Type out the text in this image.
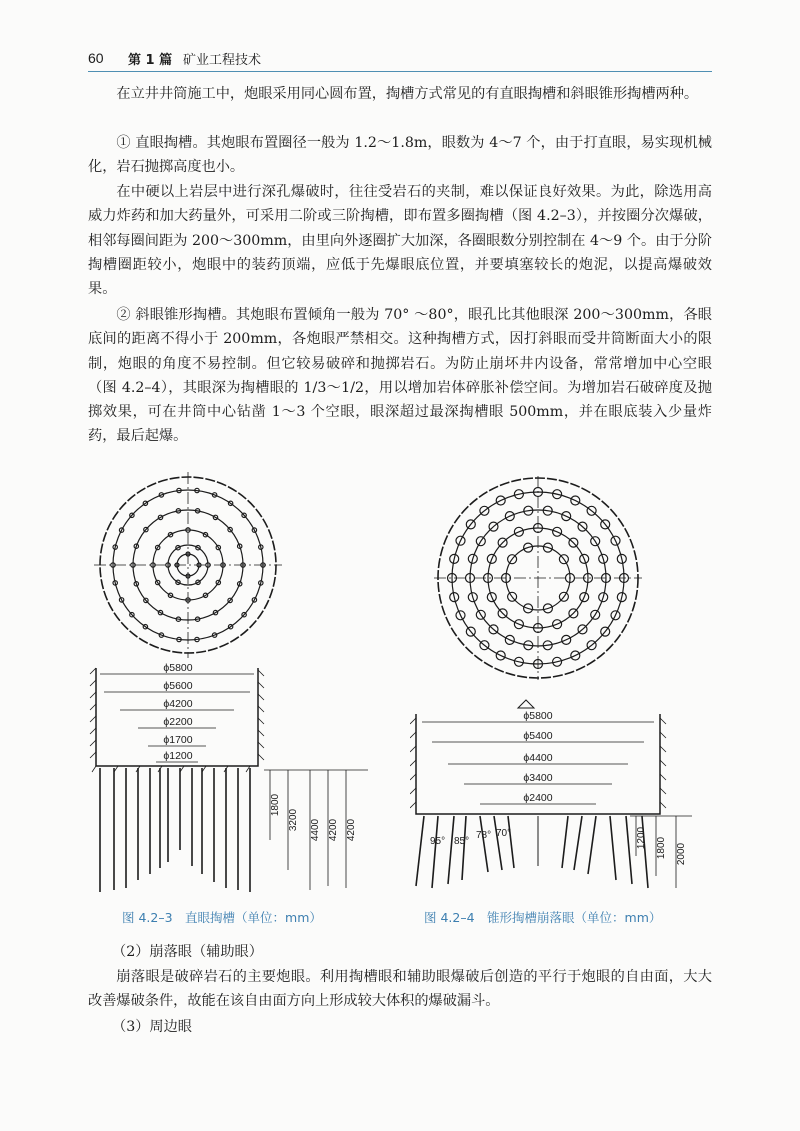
60 第 1 篇 矿业工程技术

在立井井筒施工中，炮眼采用同心圆布置，掏槽方式常见的有直眼掏槽和斜眼锥形掏槽两种。

① 直眼掏槽。其炮眼布置圈径一般为 1.2～1.8m，眼数为 4～7 个，由于打直眼，易实现机械化，岩石抛掷高度也小。

在中硬以上岩层中进行深孔爆破时，往往受岩石的夹制，难以保证良好效果。为此，除选用高威力炸药和加大药量外，可采用二阶或三阶掏槽，即布置多圈掏槽（图 4.2–3），并按圈分次爆破，相邻每圈间距为 200～300mm，由里向外逐圈扩大加深，各圈眼数分别控制在 4～9 个。由于分阶掏槽圈距较小，炮眼中的装药顶端，应低于先爆眼底位置，并要填塞较长的炮泥，以提高爆破效果。

② 斜眼锥形掏槽。其炮眼布置倾角一般为 70° ～80°，眼孔比其他眼深 200～300mm，各眼底间的距离不得小于 200mm，各炮眼严禁相交。这种掏槽方式，因打斜眼而受井筒断面大小的限制，炮眼的角度不易控制。但它较易破碎和抛掷岩石。为防止崩坏井内设备，常常增加中心空眼（图 4.2–4），其眼深为掏槽眼的 1/3～1/2，用以增加岩体碎胀补偿空间。为增加岩石破碎度及抛掷效果，可在井筒中心钻凿 1～3 个空眼，眼深超过最深掏槽眼 500mm，并在眼底装入少量炸药，最后起爆。

ϕ5800
ϕ5600
ϕ4200
ϕ2200
ϕ1700
ϕ1200
1800
3200 4400 4200 4200
图 4.2–3　直眼掏槽（单位：mm）
ϕ5800
ϕ5400
ϕ4400
ϕ3400
ϕ2400
95° 85°
78° 70°	1200 1800 2000
图 4.2–4　锥形掏槽崩落眼（单位：mm）
（2）崩落眼（辅助眼）

崩落眼是破碎岩石的主要炮眼。利用掏槽眼和辅助眼爆破后创造的平行于炮眼的自由面，大大改善爆破条件，故能在该自由面方向上形成较大体积的爆破漏斗。

（3）周边眼
